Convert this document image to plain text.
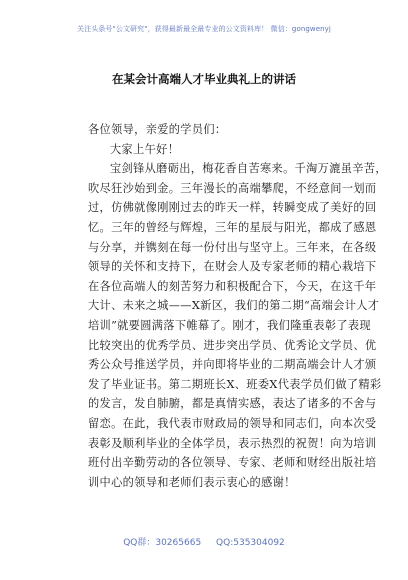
关注头条号"公文研究"，获得最新最全最专业的公文资料库！ 微信：gongwenyj
在某会计高端人才毕业典礼上的讲话
各位领导，亲爱的学员们：
大家上午好！
宝剑锋从磨砺出，梅花香自苦寒来。千淘万漉虽辛苦，
吹尽狂沙始到金。三年漫长的高端攀爬，不经意间一划而
过，仿佛就像刚刚过去的昨天一样，转瞬变成了美好的回
忆。三年的曾经与辉煌，三年的星辰与阳光，都成了感恩
与分享，并镌刻在每一份付出与坚守上。三年来，在各级
领导的关怀和支持下，在财会人及专家老师的精心栽培下
在各位高端人的刻苦努力和积极配合下，今天，在这千年
大计、未来之城——X新区，我们的第二期“高端会计人才
培训”就要圆满落下帷幕了。刚才，我们隆重表彰了表现
比较突出的优秀学员、进步突出学员、优秀论文学员、优
秀公众号推送学员，并向即将毕业的二期高端会计人才颁
发了毕业证书。第二期班长X、班委X代表学员们做了精彩
的发言，发自肺腑，都是真情实感，表达了诸多的不舍与
留恋。在此，我代表市财政局的领导和同志们，向本次受
表彰及顺利毕业的全体学员，表示热烈的祝贺！向为培训
班付出辛勤劳动的各位领导、专家、老师和财经出版社培
训中心的领导和老师们表示衷心的感谢！
QQ群：30265665 QQ:535304092
